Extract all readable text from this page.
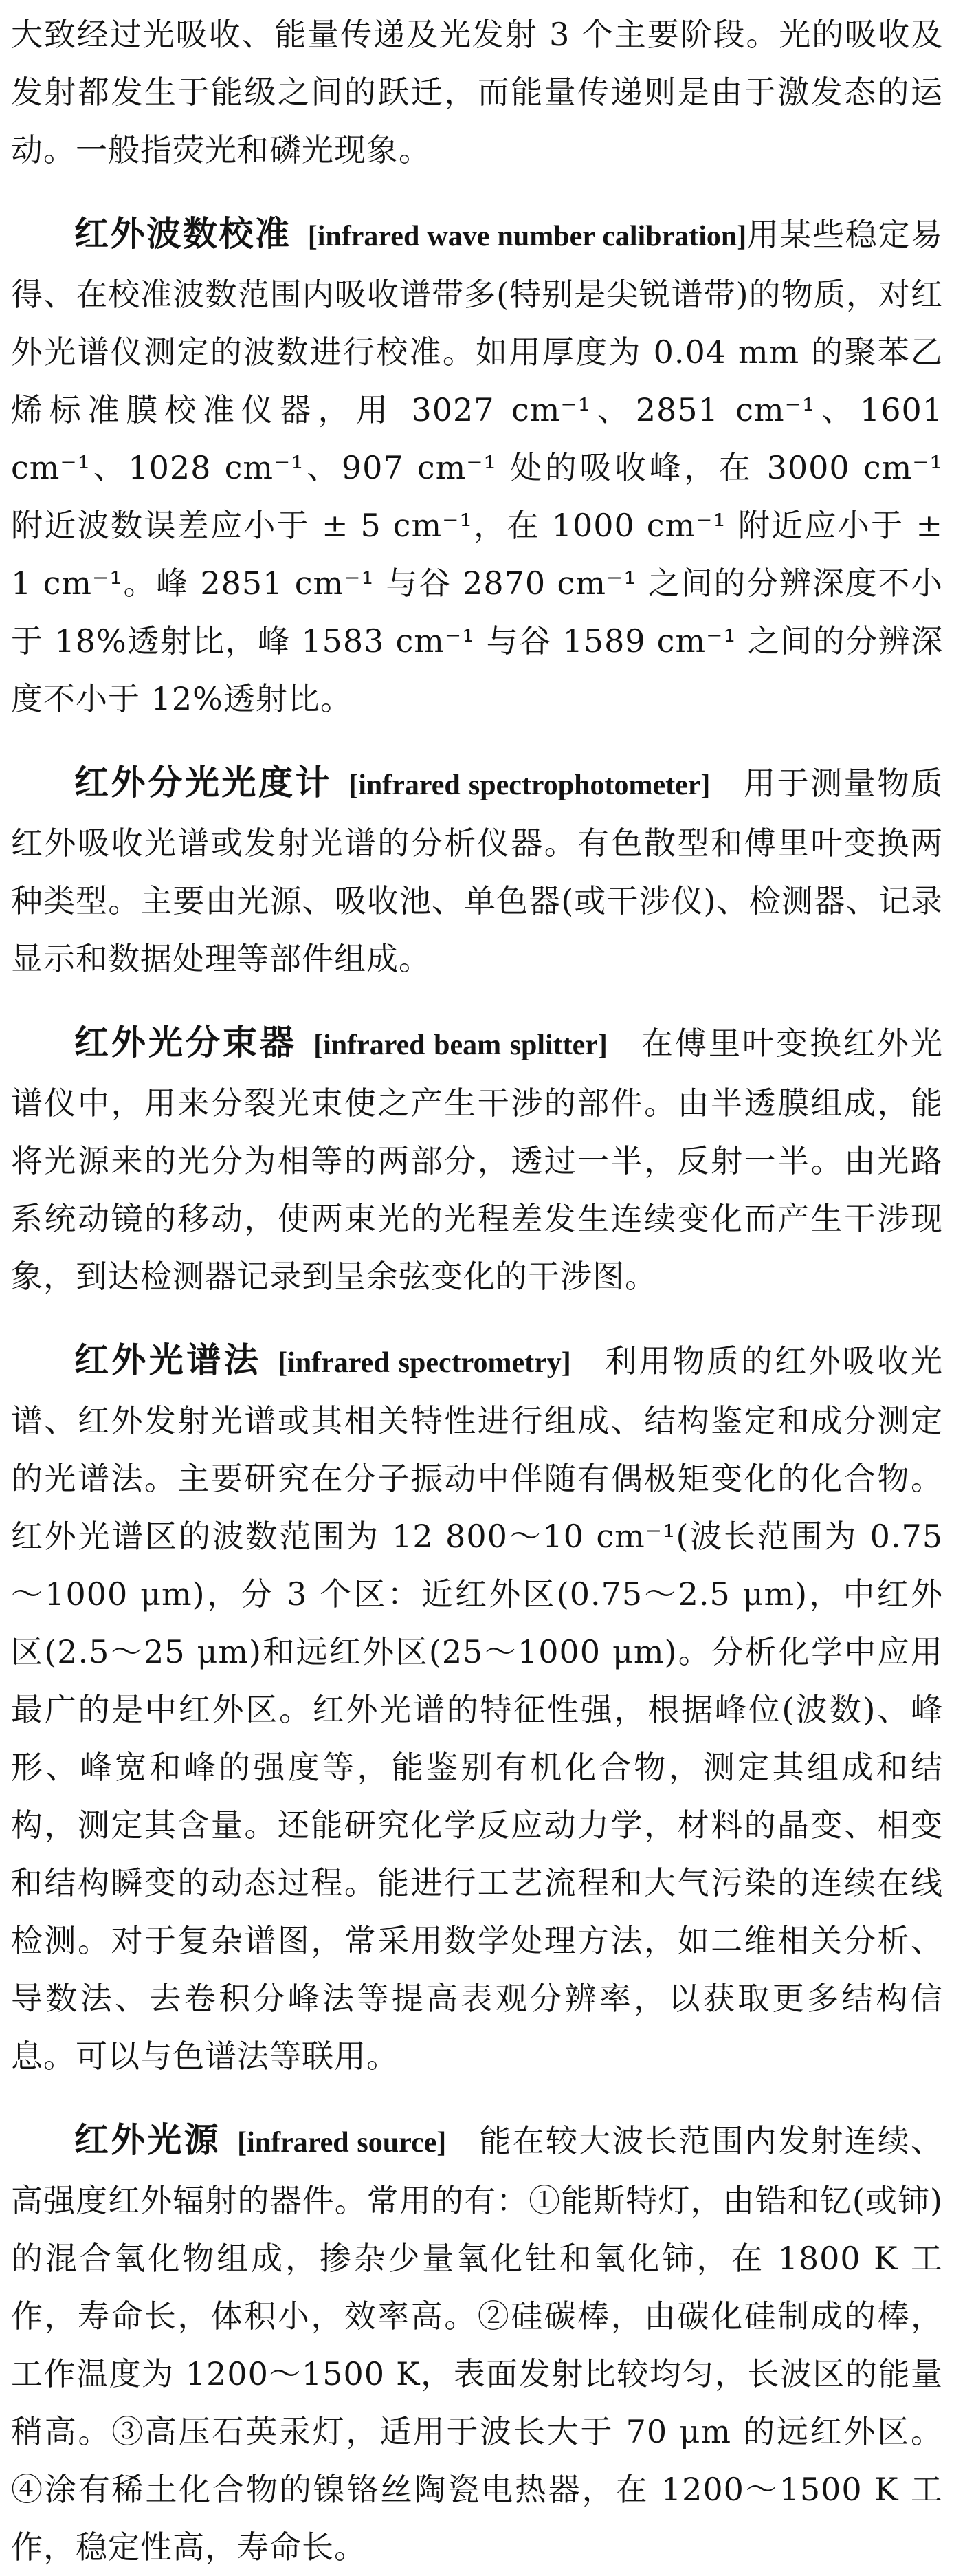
大致经过光吸收、能量传递及光发射 3 个主要阶段。光的吸收及发射都发生于能级之间的跃迁，而能量传递则是由于激发态的运动。一般指荧光和磷光现象。

红外波数校准  [infrared wave number calibration]用某些稳定易得、在校准波数范围内吸收谱带多(特别是尖锐谱带)的物质，对红外光谱仪测定的波数进行校准。如用厚度为 0.04 mm 的聚苯乙烯标准膜校准仪器，用 3027 cm⁻¹、2851 cm⁻¹、1601 cm⁻¹、1028 cm⁻¹、907 cm⁻¹ 处的吸收峰，在 3000 cm⁻¹ 附近波数误差应小于 ± 5 cm⁻¹，在 1000 cm⁻¹ 附近应小于 ± 1 cm⁻¹。峰 2851 cm⁻¹ 与谷 2870 cm⁻¹ 之间的分辨深度不小于 18%透射比，峰 1583 cm⁻¹ 与谷 1589 cm⁻¹ 之间的分辨深度不小于 12%透射比。

红外分光光度计  [infrared spectrophotometer]  用于测量物质红外吸收光谱或发射光谱的分析仪器。有色散型和傅里叶变换两种类型。主要由光源、吸收池、单色器(或干涉仪)、检测器、记录显示和数据处理等部件组成。

红外光分束器  [infrared beam splitter]  在傅里叶变换红外光谱仪中，用来分裂光束使之产生干涉的部件。由半透膜组成，能将光源来的光分为相等的两部分，透过一半，反射一半。由光路系统动镜的移动，使两束光的光程差发生连续变化而产生干涉现象，到达检测器记录到呈余弦变化的干涉图。

红外光谱法  [infrared spectrometry]  利用物质的红外吸收光谱、红外发射光谱或其相关特性进行组成、结构鉴定和成分测定的光谱法。主要研究在分子振动中伴随有偶极矩变化的化合物。红外光谱区的波数范围为 12 800～10 cm⁻¹(波长范围为 0.75～1000 μm)，分 3 个区：近红外区(0.75～2.5 μm)，中红外区(2.5～25 μm)和远红外区(25～1000 μm)。分析化学中应用最广的是中红外区。红外光谱的特征性强，根据峰位(波数)、峰形、峰宽和峰的强度等，能鉴别有机化合物，测定其组成和结构，测定其含量。还能研究化学反应动力学，材料的晶变、相变和结构瞬变的动态过程。能进行工艺流程和大气污染的连续在线检测。对于复杂谱图，常采用数学处理方法，如二维相关分析、导数法、去卷积分峰法等提高表观分辨率，以获取更多结构信息。可以与色谱法等联用。

红外光源  [infrared source]  能在较大波长范围内发射连续、高强度红外辐射的器件。常用的有：①能斯特灯，由锆和钇(或铈)的混合氧化物组成，掺杂少量氧化钍和氧化铈，在 1800 K 工作，寿命长，体积小，效率高。②硅碳棒，由碳化硅制成的棒，工作温度为 1200～1500 K，表面发射比较均匀，长波区的能量稍高。③高压石英汞灯，适用于波长大于 70 μm 的远红外区。④涂有稀土化合物的镍铬丝陶瓷电热器，在 1200～1500 K 工作，稳定性高，寿命长。
